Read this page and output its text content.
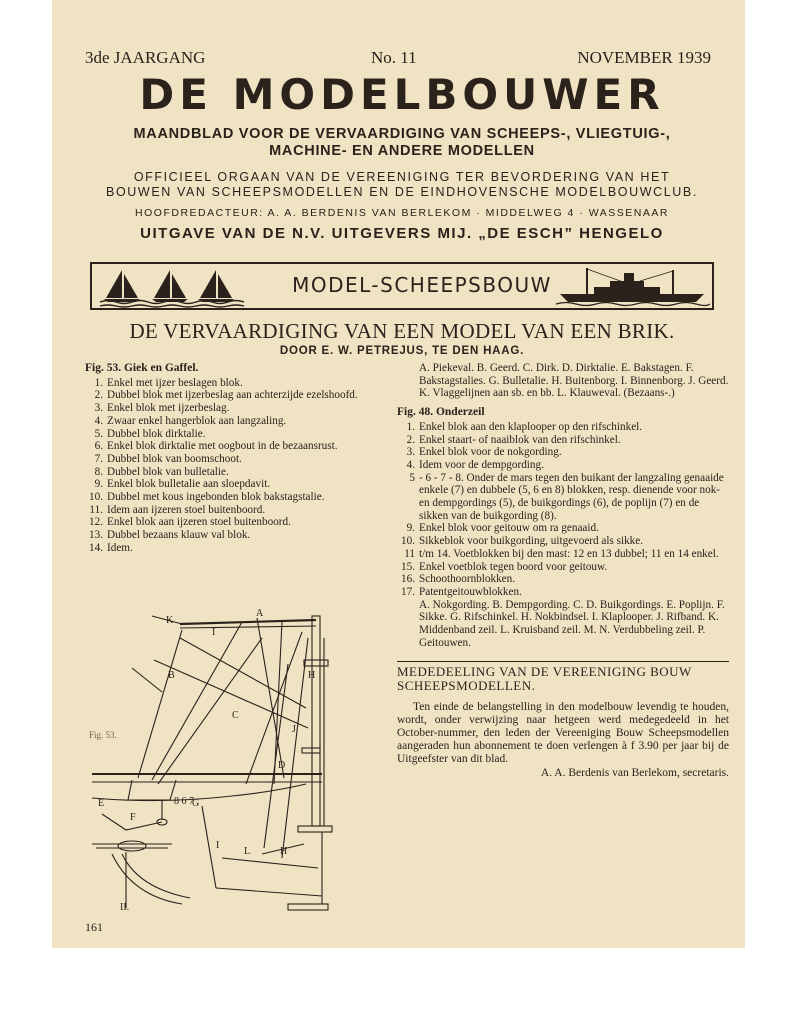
3de JAARGANG	No. 11	NOVEMBER 1939
DE MODELBOUWER
MAANDBLAD VOOR DE VERVAARDIGING VAN SCHEEPS-, VLIEGTUIG-,
MACHINE- EN ANDERE MODELLEN
OFFICIEEL ORGAAN VAN DE VEREENIGING TER BEVORDERING VAN HET
BOUWEN VAN SCHEEPSMODELLEN EN DE EINDHOVENSCHE MODELBOUWCLUB.
HOOFDREDACTEUR: A. A. BERDENIS VAN BERLEKOM · MIDDELWEG 4 · WASSENAAR
UITGAVE VAN DE N.V. UITGEVERS MIJ. „DE ESCH” HENGELO
MODEL-SCHEEPSBOUW
DE VERVAARDIGING VAN EEN MODEL VAN EEN BRIK.
DOOR E. W. PETREJUS, TE DEN HAAG.
Fig. 53. Giek en Gaffel.
1. Enkel met ijzer beslagen blok.
2. Dubbel blok met ijzerbeslag aan achterzijde ezelshoofd.
3. Enkel blok met ijzerbeslag.
4. Zwaar enkel hangerblok aan langzaling.
5. Dubbel blok dirktalie.
6. Enkel blok dirktalie met oogbout in de bezaansrust.
7. Dubbel blok van boomschoot.
8. Dubbel blok van bulletalie.
9. Enkel blok bulletalie aan sloepdavit.
10. Dubbel met kous ingebonden blok bakstagstalie.
11. Idem aan ijzeren stoel buitenboord.
12. Enkel blok aan ijzeren stoel buitenboord.
13. Dubbel bezaans klauw val blok.
14. Idem.
A. Piekeval. B. Geerd. C. Dirk. D. Dirktalie. E. Bakstagen. F. Bakstagstalies. G. Bulletalie. H. Buitenborg. I. Binnenborg. J. Geerd. K. Vlaggelijnen aan sb. en bb. L. Klauweval. (Bezaans-.)
Fig. 48. Onderzeil
1. Enkel blok aan den klaplooper op den rifschinkel.
2. Enkel staart- of naaiblok van den rifschinkel.
3. Enkel blok voor de nokgording.
4. Idem voor de dempgording.
5 - 6 - 7 - 8. Onder de mars tegen den buikant der langzaling genaaide enkele (7) en dubbele (5, 6 en 8) blokken, resp. dienende voor nok- en dempgordings (5), de buikgordings (6), de poplijn (7) en de sikken van de buikgording (8).
9. Enkel blok voor geitouw om ra genaaid.
10. Sikkeblok voor buikgording, uitgevoerd als sikke.
11 t/m 14. Voetblokken bij den mast: 12 en 13 dubbel; 11 en 14 enkel.
15. Enkel voetblok tegen boord voor geitouw.
16. Schoothoornblokken.
17. Patentgeitouwblokken.
A. Nokgording. B. Dempgording. C. D. Buikgordings. E. Poplijn. F. Sikke. G. Rifschinkel. H. Nokbindsel. I. Klaplooper. J. Rifband. K. Middenband zeil. L. Kruisband zeil. M. N. Verdubbeling zeil. P. Geitouwen.
MEDEDEELING VAN DE VEREENIGING BOUW SCHEEPSMODELLEN.
Ten einde de belangstelling in den modelbouw levendig te houden, wordt, onder verwijzing naar hetgeen werd medegedeeld in het October-nummer, den leden der Vereeniging Bouw Scheepsmodellen aangeraden hun abonnement te doen verlengen à f 3.90 per jaar bij de Uitgeefster van dit blad.
A. A. Berdenis van Berlekom, secretaris.
K
A
I
B
C
H
D
E
F
G
8 6 7
J
L	H
I
II.
Fig. 53.
161
